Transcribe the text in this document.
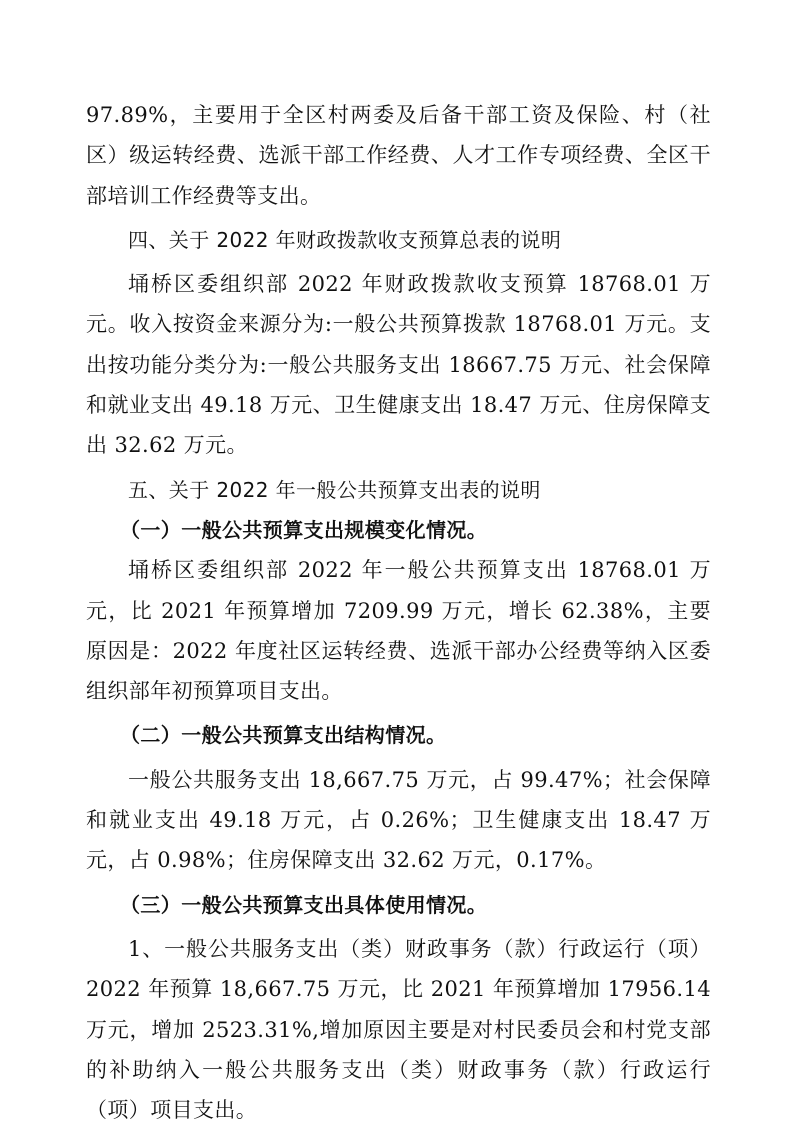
97.89%，主要用于全区村两委及后备干部工资及保险、村（社区）级运转经费、选派干部工作经费、人才工作专项经费、全区干部培训工作经费等支出。

四、关于 2022 年财政拨款收支预算总表的说明

埇桥区委组织部 2022 年财政拨款收支预算 18768.01 万元。收入按资金来源分为:一般公共预算拨款 18768.01 万元。支出按功能分类分为:一般公共服务支出 18667.75 万元、社会保障和就业支出 49.18 万元、卫生健康支出 18.47 万元、住房保障支出 32.62 万元。

五、关于 2022 年一般公共预算支出表的说明

（一）一般公共预算支出规模变化情况。

埇桥区委组织部 2022 年一般公共预算支出 18768.01 万元，比 2021 年预算增加 7209.99 万元，增长 62.38%，主要原因是：2022 年度社区运转经费、选派干部办公经费等纳入区委组织部年初预算项目支出。

（二）一般公共预算支出结构情况。

一般公共服务支出 18,667.75 万元，占 99.47%；社会保障和就业支出 49.18 万元，占 0.26%；卫生健康支出 18.47 万元，占 0.98%；住房保障支出 32.62 万元，0.17%。

（三）一般公共预算支出具体使用情况。

1、一般公共服务支出（类）财政事务（款）行政运行（项）2022 年预算 18,667.75 万元，比 2021 年预算增加 17956.14 万元，增加 2523.31%,增加原因主要是对村民委员会和村党支部的补助纳入一般公共服务支出（类）财政事务（款）行政运行（项）项目支出。
